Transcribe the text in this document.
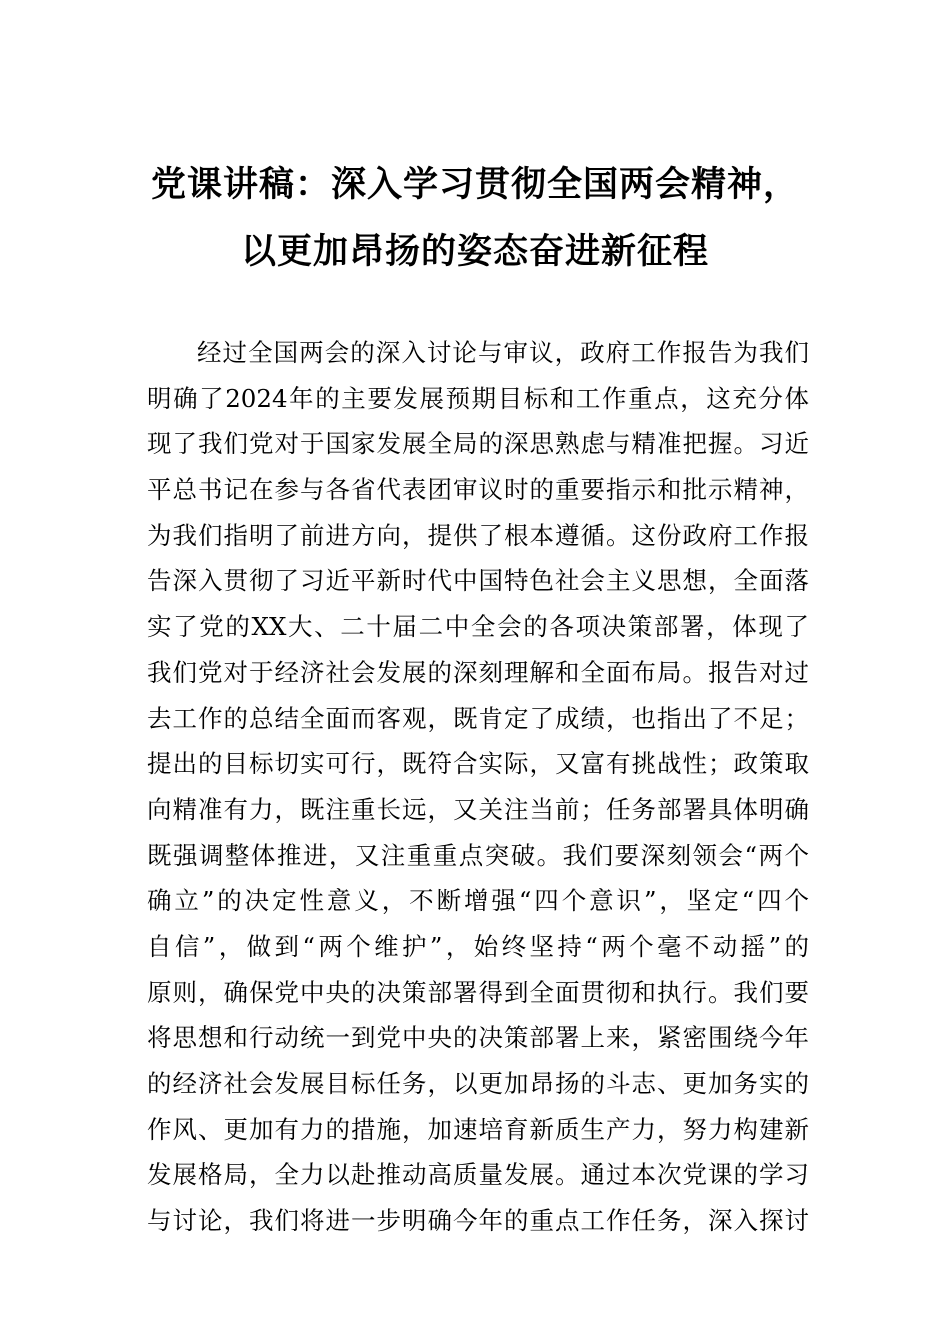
党课讲稿：深入学习贯彻全国两会精神，
以更加昂扬的姿态奋进新征程
经过全国两会的深入讨论与审议，政府工作报告为我们
明确了2024年的主要发展预期目标和工作重点，这充分体
现了我们党对于国家发展全局的深思熟虑与精准把握。习近
平总书记在参与各省代表团审议时的重要指示和批示精神，
为我们指明了前进方向，提供了根本遵循。这份政府工作报
告深入贯彻了习近平新时代中国特色社会主义思想，全面落
实了党的XX大、二十届二中全会的各项决策部署，体现了
我们党对于经济社会发展的深刻理解和全面布局。报告对过
去工作的总结全面而客观，既肯定了成绩，也指出了不足；
提出的目标切实可行，既符合实际，又富有挑战性；政策取
向精准有力，既注重长远，又关注当前；任务部署具体明确
既强调整体推进，又注重重点突破。我们要深刻领会“两个
确立”的决定性意义，不断增强“四个意识”，坚定“四个
自信”，做到“两个维护”，始终坚持“两个毫不动摇”的
原则，确保党中央的决策部署得到全面贯彻和执行。我们要
将思想和行动统一到党中央的决策部署上来，紧密围绕今年
的经济社会发展目标任务，以更加昂扬的斗志、更加务实的
作风、更加有力的措施，加速培育新质生产力，努力构建新
发展格局，全力以赴推动高质量发展。通过本次党课的学习
与讨论，我们将进一步明确今年的重点工作任务，深入探讨
